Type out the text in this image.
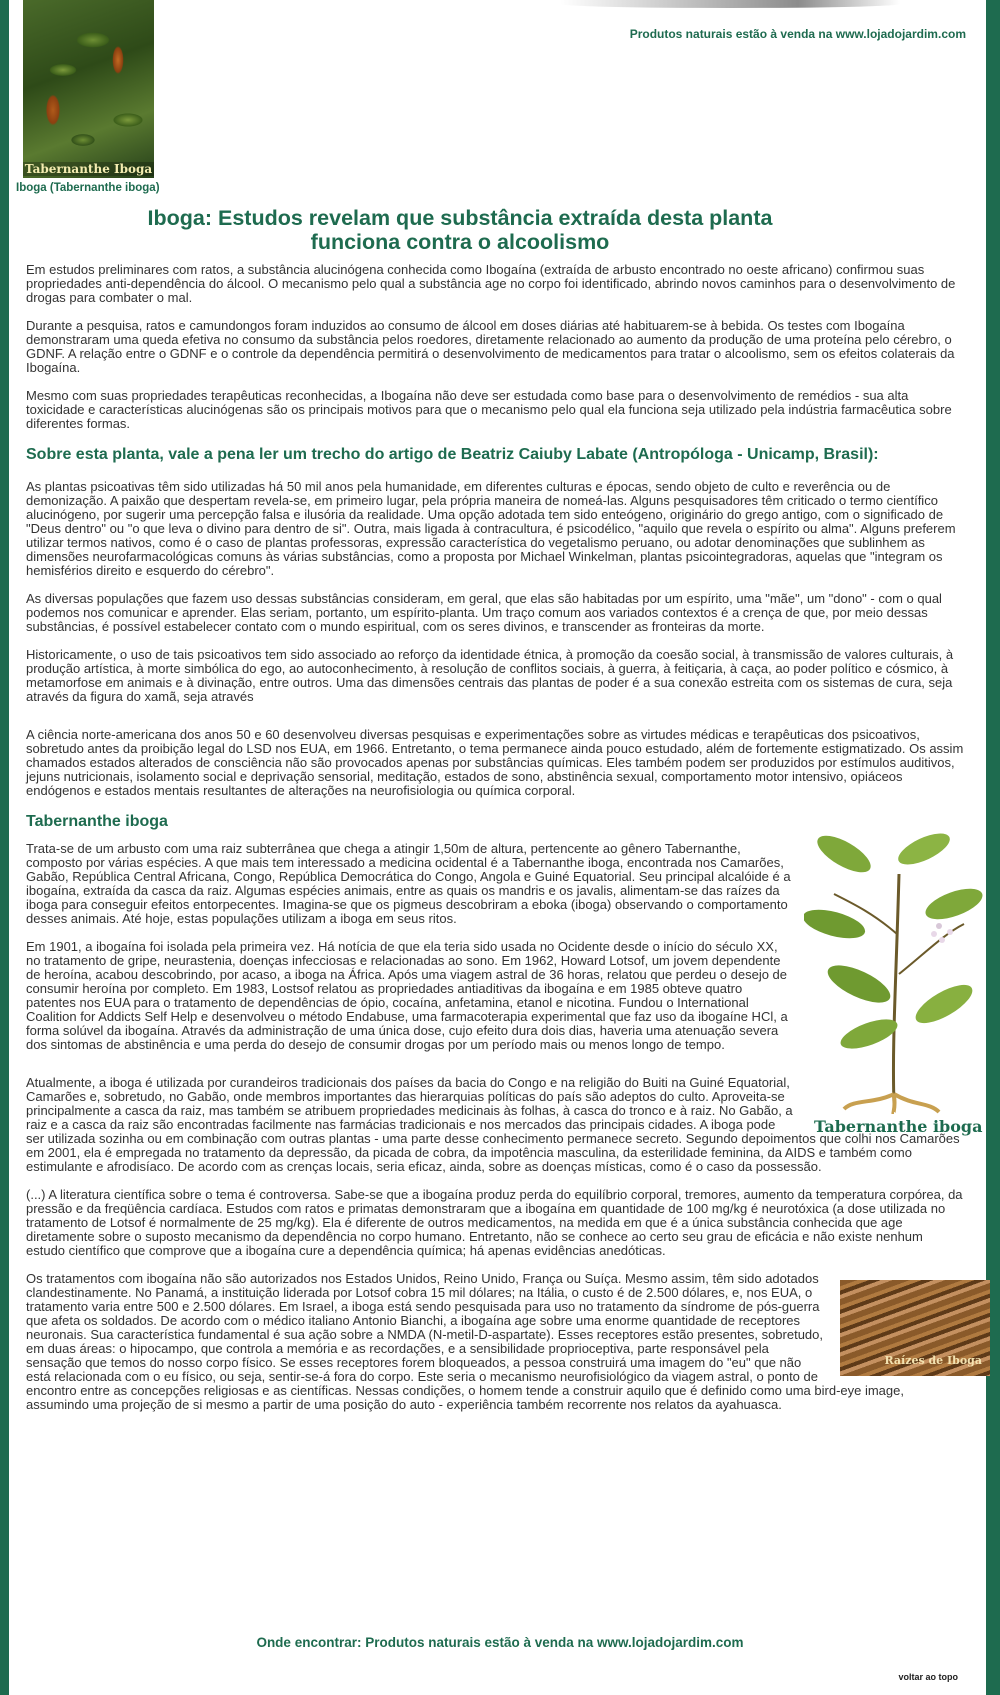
Produtos naturais estão à venda na www.lojadojardim.com
Tabernanthe Iboga
Iboga (Tabernanthe iboga)
Iboga: Estudos revelam que substância extraída desta planta funciona contra o alcoolismo

Em estudos preliminares com ratos, a substância alucinógena conhecida como Ibogaína (extraída de arbusto encontrado no oeste africano) confirmou suas propriedades anti-dependência do álcool. O mecanismo pelo qual a substância age no corpo foi identificado, abrindo novos caminhos para o desenvolvimento de drogas para combater o mal.

Durante a pesquisa, ratos e camundongos foram induzidos ao consumo de álcool em doses diárias até habituarem-se à bebida. Os testes com Ibogaína demonstraram uma queda efetiva no consumo da substância pelos roedores, diretamente relacionado ao aumento da produção de uma proteína pelo cérebro, o GDNF. A relação entre o GDNF e o controle da dependência permitirá o desenvolvimento de medicamentos para tratar o alcoolismo, sem os efeitos colaterais da Ibogaína.

Mesmo com suas propriedades terapêuticas reconhecidas, a Ibogaína não deve ser estudada como base para o desenvolvimento de remédios - sua alta toxicidade e características alucinógenas são os principais motivos para que o mecanismo pelo qual ela funciona seja utilizado pela indústria farmacêutica sobre diferentes formas.

Sobre esta planta, vale a pena ler um trecho do artigo de Beatriz Caiuby Labate (Antropóloga - Unicamp, Brasil):

As plantas psicoativas têm sido utilizadas há 50 mil anos pela humanidade, em diferentes culturas e épocas, sendo objeto de culto e reverência ou de demonização. A paixão que despertam revela-se, em primeiro lugar, pela própria maneira de nomeá-las. Alguns pesquisadores têm criticado o termo científico alucinógeno, por sugerir uma percepção falsa e ilusória da realidade. Uma opção adotada tem sido enteógeno, originário do grego antigo, com o significado de "Deus dentro" ou "o que leva o divino para dentro de si". Outra, mais ligada à contracultura, é psicodélico, "aquilo que revela o espírito ou alma". Alguns preferem utilizar termos nativos, como é o caso de plantas professoras, expressão característica do vegetalismo peruano, ou adotar denominações que sublinhem as dimensões neurofarmacológicas comuns às várias substâncias, como a proposta por Michael Winkelman, plantas psicointegradoras, aquelas que "integram os hemisférios direito e esquerdo do cérebro".

As diversas populações que fazem uso dessas substâncias consideram, em geral, que elas são habitadas por um espírito, uma "mãe", um "dono" - com o qual podemos nos comunicar e aprender. Elas seriam, portanto, um espírito-planta. Um traço comum aos variados contextos é a crença de que, por meio dessas substâncias, é possível estabelecer contato com o mundo espiritual, com os seres divinos, e transcender as fronteiras da morte.

Historicamente, o uso de tais psicoativos tem sido associado ao reforço da identidade étnica, à promoção da coesão social, à transmissão de valores culturais, à produção artística, à morte simbólica do ego, ao autoconhecimento, à resolução de conflitos sociais, à guerra, à feitiçaria, à caça, ao poder político e cósmico, à metamorfose em animais e à divinação, entre outros. Uma das dimensões centrais das plantas de poder é a sua conexão estreita com os sistemas de cura, seja através da figura do xamã, seja através

A ciência norte-americana dos anos 50 e 60 desenvolveu diversas pesquisas e experimentações sobre as virtudes médicas e terapêuticas dos psicoativos, sobretudo antes da proibição legal do LSD nos EUA, em 1966. Entretanto, o tema permanece ainda pouco estudado, além de fortemente estigmatizado. Os assim chamados estados alterados de consciência não são provocados apenas por substâncias químicas. Eles também podem ser produzidos por estímulos auditivos, jejuns nutricionais, isolamento social e deprivação sensorial, meditação, estados de sono, abstinência sexual, comportamento motor intensivo, opiáceos endógenos e estados mentais resultantes de alterações na neurofisiologia ou química corporal.

Tabernanthe iboga
Tabernanthe iboga

Trata-se de um arbusto com uma raiz subterrânea que chega a atingir 1,50m de altura, pertencente ao gênero Tabernanthe, composto por várias espécies. A que mais tem interessado a medicina ocidental é a Tabernanthe iboga, encontrada nos Camarões, Gabão, República Central Africana, Congo, República Democrática do Congo, Angola e Guiné Equatorial. Seu principal alcalóide é a ibogaína, extraída da casca da raiz. Algumas espécies animais, entre as quais os mandris e os javalis, alimentam-se das raízes da iboga para conseguir efeitos entorpecentes. Imagina-se que os pigmeus descobriram a eboka (iboga) observando o comportamento desses animais. Até hoje, estas populações utilizam a iboga em seus ritos.

Em 1901, a ibogaína foi isolada pela primeira vez. Há notícia de que ela teria sido usada no Ocidente desde o início do século XX, no tratamento de gripe, neurastenia, doenças infecciosas e relacionadas ao sono. Em 1962, Howard Lotsof, um jovem dependente de heroína, acabou descobrindo, por acaso, a iboga na África. Após uma viagem astral de 36 horas, relatou que perdeu o desejo de consumir heroína por completo. Em 1983, Lostsof relatou as propriedades antiaditivas da ibogaína e em 1985 obteve quatro patentes nos EUA para o tratamento de dependências de ópio, cocaína, anfetamina, etanol e nicotina. Fundou o International Coalition for Addicts Self Help e desenvolveu o método Endabuse, uma farmacoterapia experimental que faz uso da ibogaíne HCl, a forma solúvel da ibogaína. Através da administração de uma única dose, cujo efeito dura dois dias, haveria uma atenuação severa dos sintomas de abstinência e uma perda do desejo de consumir drogas por um período mais ou menos longo de tempo.

Atualmente, a iboga é utilizada por curandeiros tradicionais dos países da bacia do Congo e na religião do Buiti na Guiné Equatorial, Camarões e, sobretudo, no Gabão, onde membros importantes das hierarquias políticas do país são adeptos do culto. Aproveita-se principalmente a casca da raiz, mas também se atribuem propriedades medicinais às folhas, à casca do tronco e à raiz. No Gabão, a raiz e a casca da raiz são encontradas facilmente nas farmácias tradicionais e nos mercados das principais cidades. A iboga pode ser utilizada sozinha ou em combinação com outras plantas - uma parte desse conhecimento permanece secreto. Segundo depoimentos que colhi nos Camarões em 2001, ela é empregada no tratamento da depressão, da picada de cobra, da impotência masculina, da esterilidade feminina, da AIDS e também como estimulante e afrodisíaco. De acordo com as crenças locais, seria eficaz, ainda, sobre as doenças místicas, como é o caso da possessão.

(...) A literatura científica sobre o tema é controversa. Sabe-se que a ibogaína produz perda do equilíbrio corporal, tremores, aumento da temperatura corpórea, da pressão e da freqüência cardíaca. Estudos com ratos e primatas demonstraram que a ibogaína em quantidade de 100 mg/kg é neurotóxica (a dose utilizada no tratamento de Lotsof é normalmente de 25 mg/kg). Ela é diferente de outros medicamentos, na medida em que é a única substância conhecida que age diretamente sobre o suposto mecanismo da dependência no corpo humano. Entretanto, não se conhece ao certo seu grau de eficácia e não existe nenhum estudo científico que comprove que a ibogaína cure a dependência química; há apenas evidências anedóticas.

Raízes de Iboga

Os tratamentos com ibogaína não são autorizados nos Estados Unidos, Reino Unido, França ou Suíça. Mesmo assim, têm sido adotados clandestinamente. No Panamá, a instituição liderada por Lotsof cobra 15 mil dólares; na Itália, o custo é de 2.500 dólares, e, nos EUA, o tratamento varia entre 500 e 2.500 dólares. Em Israel, a iboga está sendo pesquisada para uso no tratamento da síndrome de pós-guerra que afeta os soldados. De acordo com o médico italiano Antonio Bianchi, a ibogaína age sobre uma enorme quantidade de receptores neuronais. Sua característica fundamental é sua ação sobre a NMDA (N-metil-D-aspartate). Esses receptores estão presentes, sobretudo, em duas áreas: o hipocampo, que controla a memória e as recordações, e a sensibilidade proprioceptiva, parte responsável pela sensação que temos do nosso corpo físico. Se esses receptores forem bloqueados, a pessoa construirá uma imagem do "eu" que não está relacionada com o eu físico, ou seja, sentir-se-á fora do corpo. Este seria o mecanismo neurofisiológico da viagem astral, o ponto de encontro entre as concepções religiosas e as científicas. Nessas condições, o homem tende a construir aquilo que é definido como uma bird-eye image, assumindo uma projeção de si mesmo a partir de uma posição do auto - experiência também recorrente nos relatos da ayahuasca.

Onde encontrar: Produtos naturais estão à venda na www.lojadojardim.com
voltar ao topo
